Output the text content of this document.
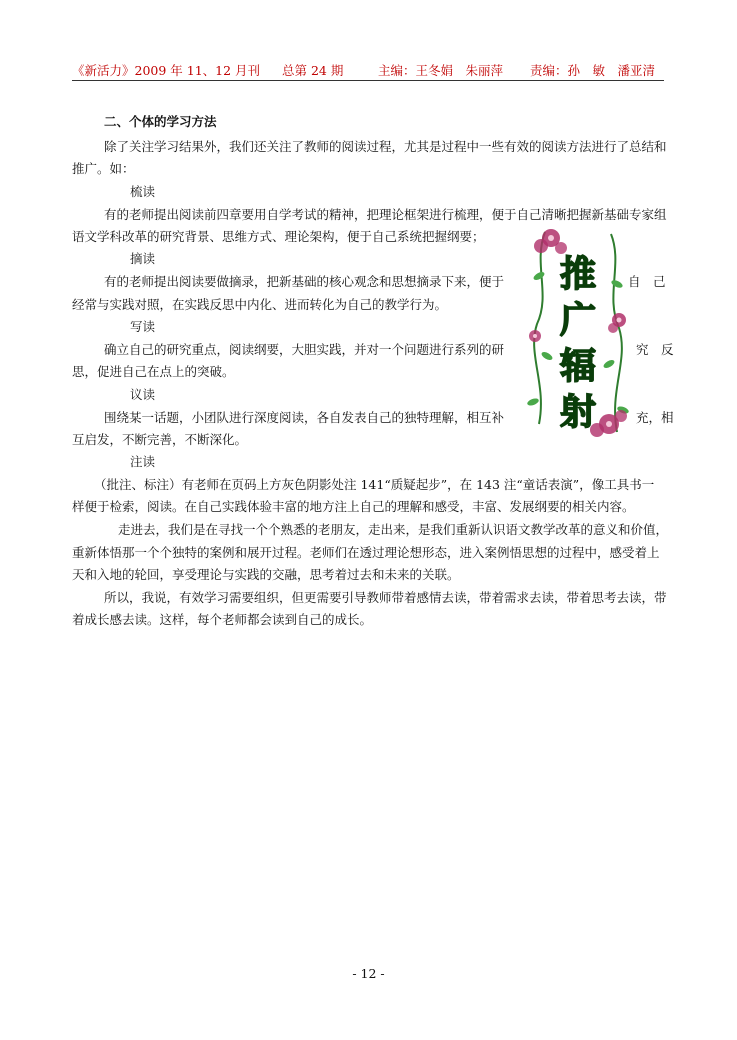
《新活力》2009 年 11、12 月刊 总第 24 期	主编：王冬娟　朱丽萍 责编：孙　敏　潘亚清
二、个体的学习方法
除了关注学习结果外，我们还关注了教师的阅读过程，尤其是过程中一些有效的阅读方法进行了总结和
推广。如：
梳读
有的老师提出阅读前四章要用自学考试的精神，把理论框架进行梳理，便于自己清晰把握新基础专家组
语文学科改革的研究背景、思维方式、理论架构，便于自己系统把握纲要；
摘读
有的老师提出阅读要做摘录，把新基础的核心观念和思想摘录下来，便于	自　己
经常与实践对照，在实践反思中内化、进而转化为自己的教学行为。
写读
确立自己的研究重点，阅读纲要，大胆实践，并对一个问题进行系列的研	究　反
思，促进自己在点上的突破。
议读
围绕某一话题，小团队进行深度阅读，各自发表自己的独特理解，相互补	充，相
互启发，不断完善，不断深化。
注读
（批注、标注）有老师在页码上方灰色阴影处注 141“质疑起步”，在 143 注“童话表演”，像工具书一
样便于检索，阅读。在自己实践体验丰富的地方注上自己的理解和感受，丰富、发展纲要的相关内容。
走进去，我们是在寻找一个个熟悉的老朋友，走出来，是我们重新认识语文教学改革的意义和价值，
重新体悟那一个个独特的案例和展开过程。老师们在透过理论想形态，进入案例悟思想的过程中，感受着上
天和入地的轮回，享受理论与实践的交融，思考着过去和未来的关联。
所以，我说，有效学习需要组织，但更需要引导教师带着感情去读，带着需求去读，带着思考去读，带
着成长感去读。这样，每个老师都会读到自己的成长。
推
广
辐
射
- 12 -
